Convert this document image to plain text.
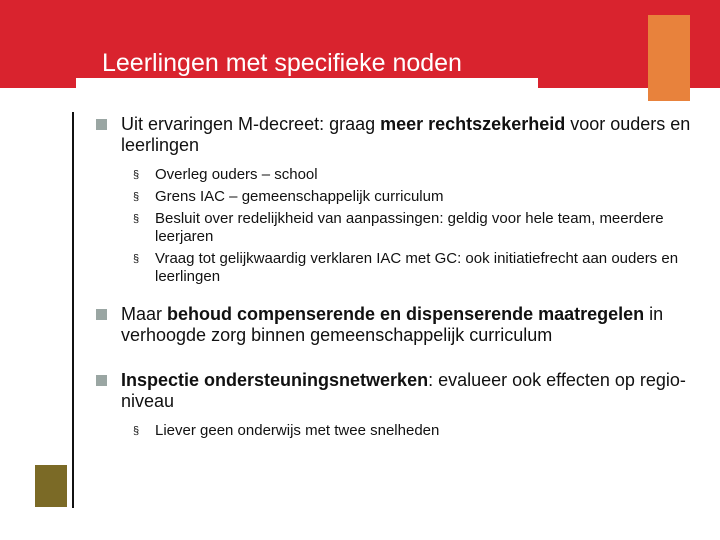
Leerlingen met specifieke noden
Uit ervaringen M-decreet: graag meer rechtszekerheid voor ouders en leerlingen
§ Overleg ouders – school
§ Grens IAC – gemeenschappelijk curriculum
§ Besluit over redelijkheid van aanpassingen: geldig voor hele team, meerdere leerjaren
§ Vraag tot gelijkwaardig verklaren IAC met GC: ook initiatiefrecht aan ouders en leerlingen
Maar behoud compenserende en dispenserende maatregelen in verhoogde zorg binnen gemeenschappelijk curriculum
Inspectie ondersteuningsnetwerken: evalueer ook effecten op regio-niveau
§ Liever geen onderwijs met twee snelheden
